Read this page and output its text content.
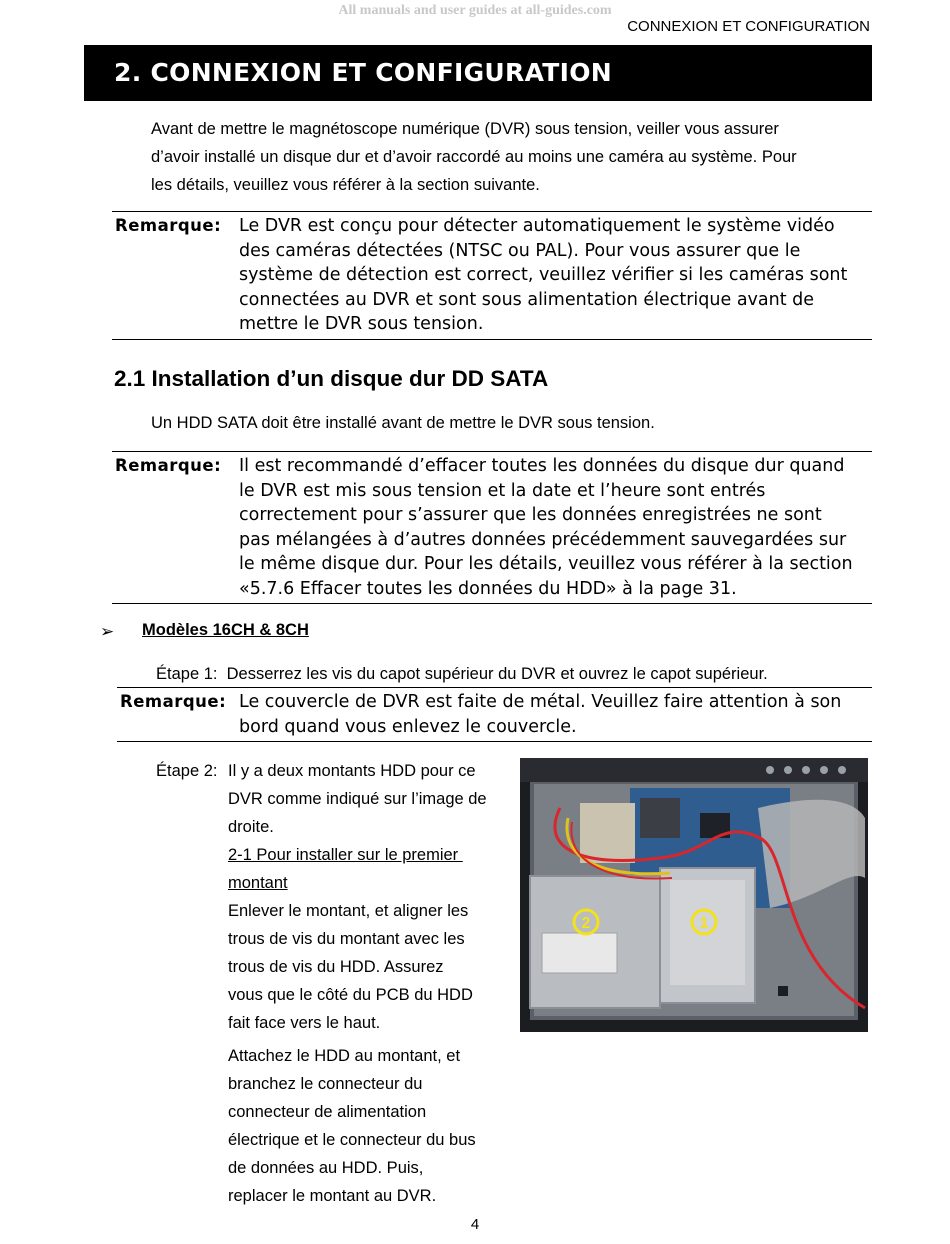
All manuals and user guides at all-guides.com
CONNEXION ET CONFIGURATION
2. CONNEXION ET CONFIGURATION
Avant de mettre le magnétoscope numérique (DVR) sous tension, veiller vous assurer
d’avoir installé un disque dur et d’avoir raccordé au moins une caméra au système. Pour
les détails, veuillez vous référer à la section suivante.
Remarque: Le DVR est conçu pour détecter automatiquement le système vidéo
des caméras détectées (NTSC ou PAL). Pour vous assurer que le
système de détection est correct, veuillez vérifier si les caméras sont
connectées au DVR et sont sous alimentation électrique avant de
mettre le DVR sous tension.
2.1 Installation d’un disque dur DD SATA
Un HDD SATA doit être installé avant de mettre le DVR sous tension.
Remarque: Il est recommandé d’effacer toutes les données du disque dur quand
le DVR est mis sous tension et la date et l’heure sont entrés
correctement pour s’assurer que les données enregistrées ne sont
pas mélangées à d’autres données précédemment sauvegardées sur
le même disque dur. Pour les détails, veuillez vous référer à la section
«5.7.6 Effacer toutes les données du HDD» à la page 31.
➢ Modèles 16CH & 8CH
Étape 1:  Desserrez les vis du capot supérieur du DVR et ouvrez le capot supérieur.
Remarque: Le couvercle de DVR est faite de métal. Veuillez faire attention à son
bord quand vous enlevez le couvercle.
Étape 2: Il y a deux montants HDD pour ce
DVR comme indiqué sur l’image de
droite.
2-1 Pour installer sur le premier
montant
Enlever le montant, et aligner les
trous de vis du montant avec les
trous de vis du HDD. Assurez
vous que le côté du PCB du HDD
fait face vers le haut.
Attachez le HDD au montant, et
branchez le connecteur du
connecteur de alimentation
électrique et le connecteur du bus
de données au HDD. Puis,
replacer le montant au DVR.
2	1
4
